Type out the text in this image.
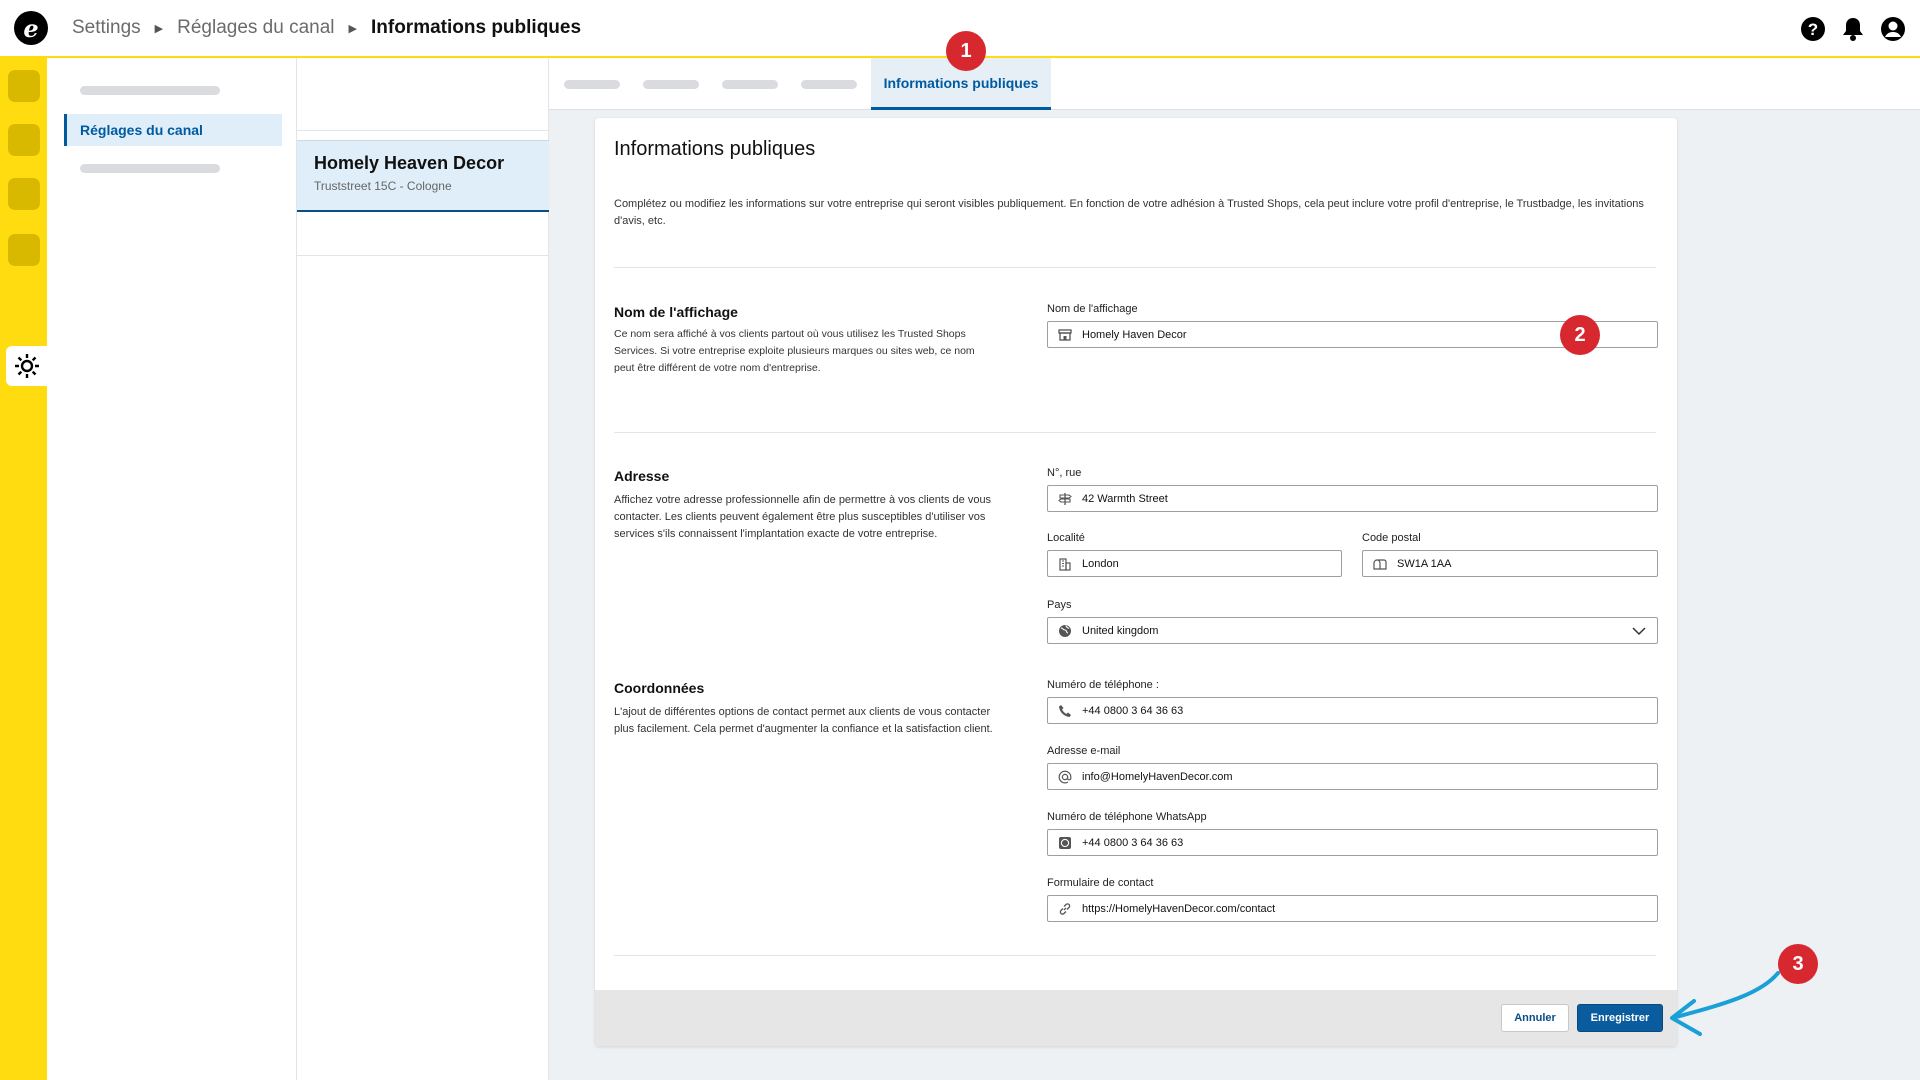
e	Settings ▶ Réglages du canal ▶ Informations publiques	?
Réglages du canal
Homely Heaven Decor
Truststreet 15C - Cologne
Informations publiques
Informations publiques
Complétez ou modifiez les informations sur votre entreprise qui seront visibles publiquement. En fonction de votre adhésion à Trusted Shops, cela peut inclure votre profil d'entreprise, le Trustbadge, les invitations d'avis, etc.
Nom de l'affichage
Ce nom sera affiché à vos clients partout où vous utilisez les Trusted Shops Services. Si votre entreprise exploite plusieurs marques ou sites web, ce nom peut être différent de votre nom d'entreprise.
Nom de l'affichage
Homely Haven Decor
Adresse
Affichez votre adresse professionnelle afin de permettre à vos clients de vous contacter. Les clients peuvent également être plus susceptibles d'utiliser vos services s'ils connaissent l'implantation exacte de votre entreprise.
N°, rue
42 Warmth Street
Localité
London
Code postal
SW1A 1AA
Pays
United kingdom
Coordonnées
L'ajout de différentes options de contact permet aux clients de vous contacter plus facilement. Cela permet d'augmenter la confiance et la satisfaction client.
Numéro de téléphone :
+44 0800 3 64 36 63
Adresse e-mail
info@HomelyHavenDecor.com
Numéro de téléphone WhatsApp
+44 0800 3 64 36 63
Formulaire de contact
https://HomelyHavenDecor.com/contact
Annuler	Enregistrer
1
2
3
